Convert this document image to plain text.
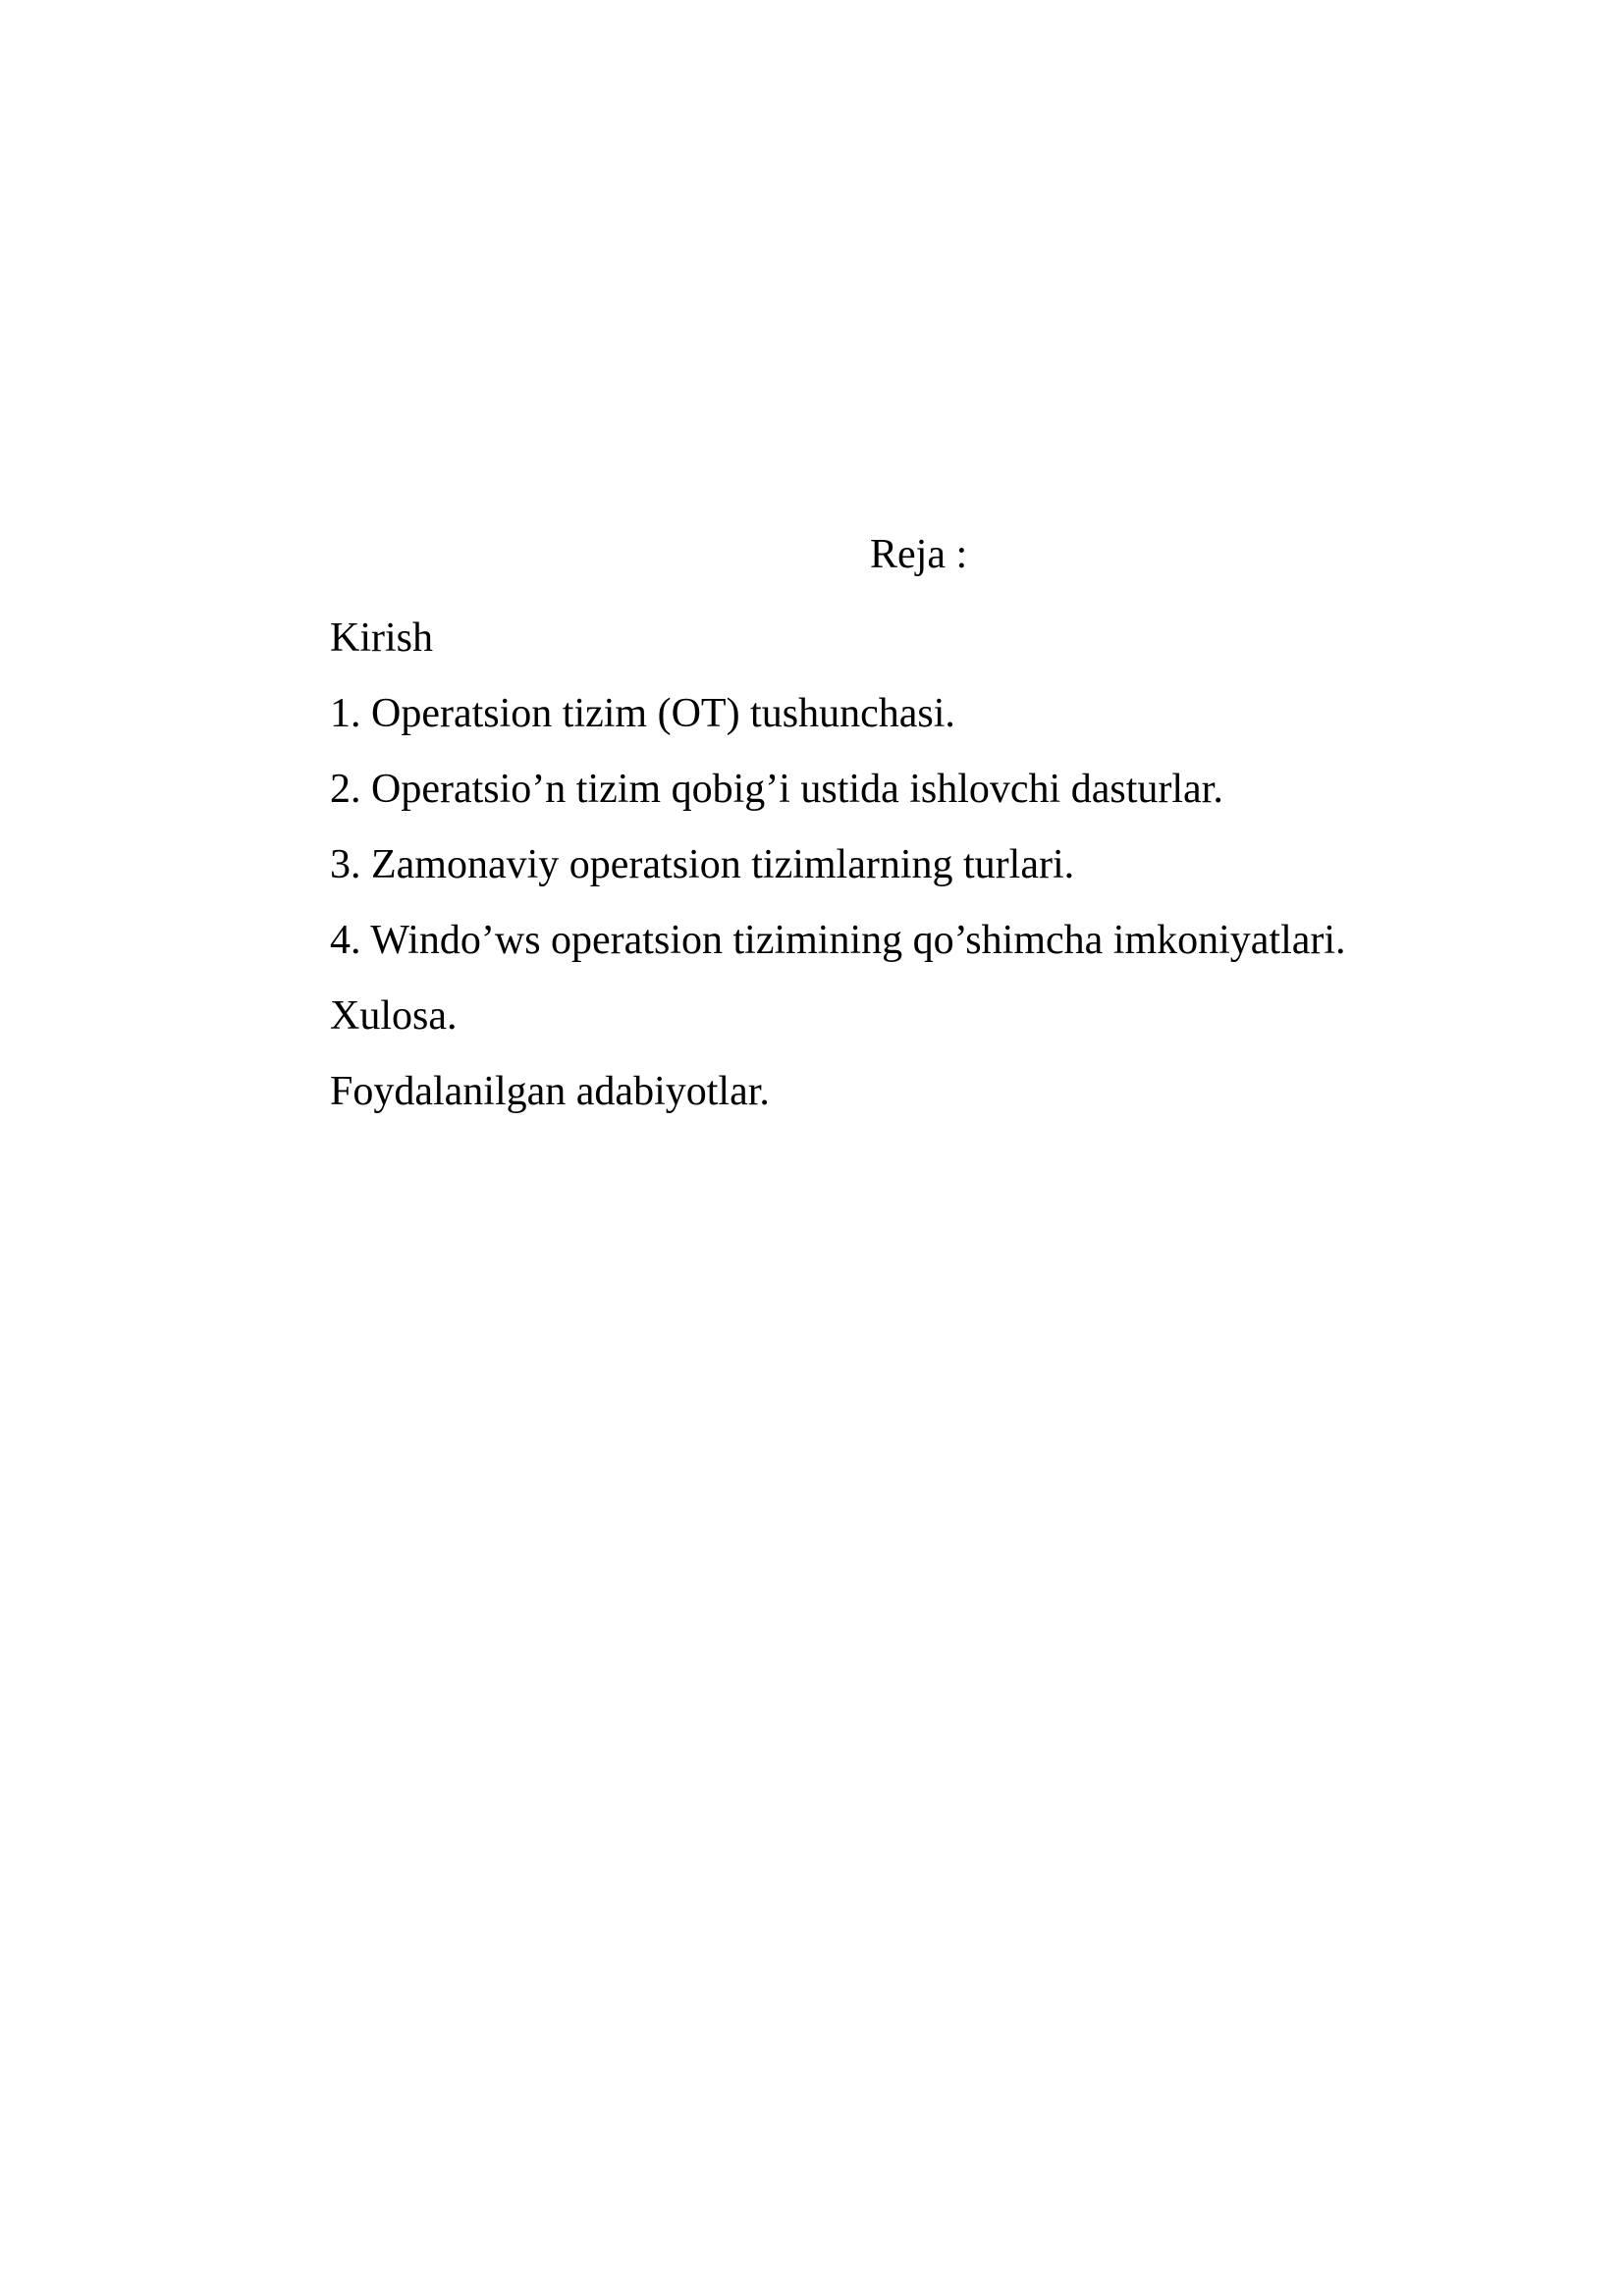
Reja :
Kirish
1. Operatsion tizim (OT) tushunchasi.
2. Operatsio’n tizim qobig’i ustida ishlovchi dasturlar.
3. Zamonaviy operatsion tizimlarning turlari.
4. Windo’ws operatsion tizimining qo’shimcha imkoniyatlari.
Xulosa.
Foydalanilgan adabiyotlar.
